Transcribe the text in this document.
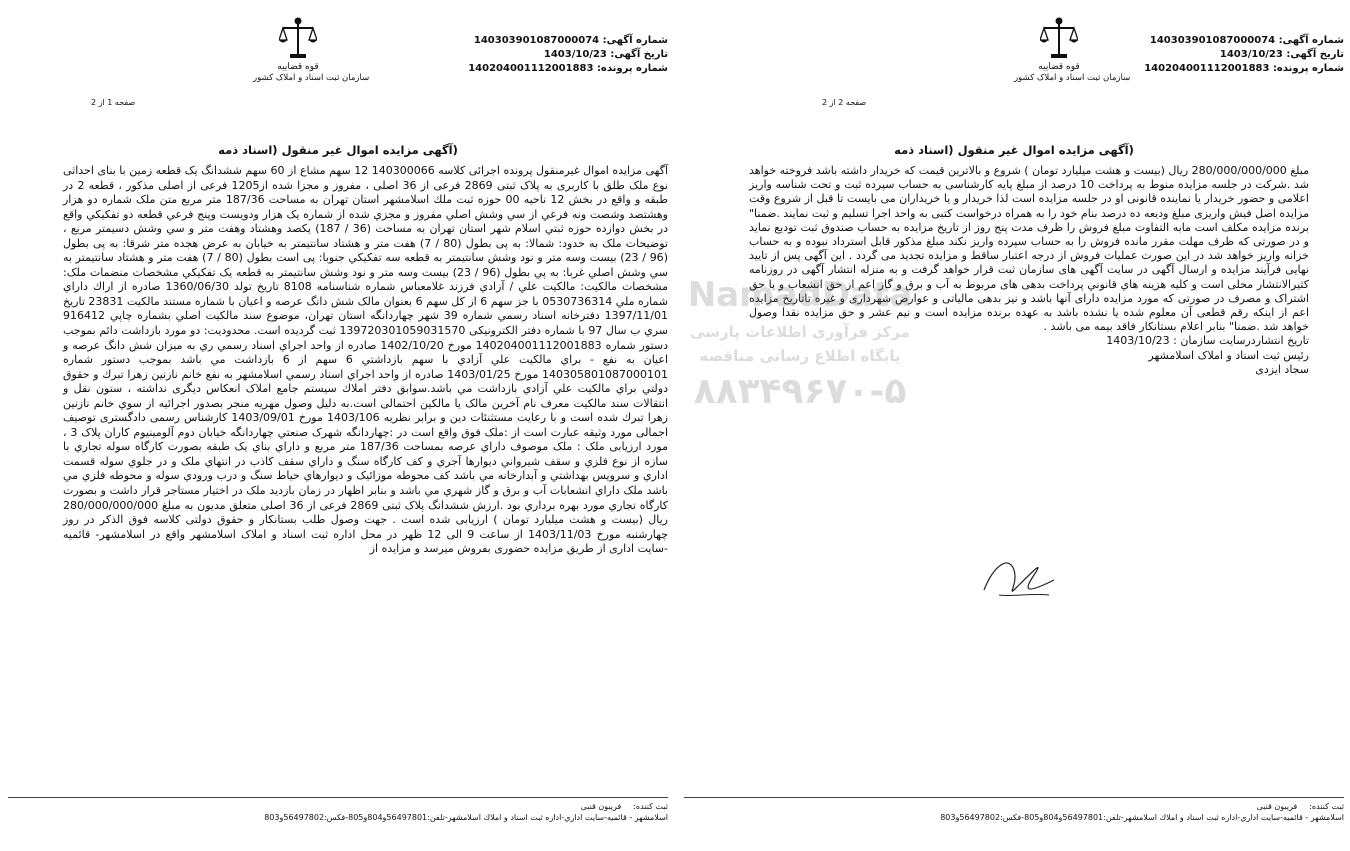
شماره آگهی: 140303901087000074
تاریخ آگهی: 1403/10/23
شماره پرونده: 140204001112001883
قوه قضاییه
سازمان ثبت اسناد و املاک کشور
صفحه 2 از 2
(آگهی مزایده اموال غیر منقول (اسناد ذمه

مبلغ 280/000/000/000 ریال (بیست و هشت میلیارد تومان ) شروع و بالاترین قیمت که خریدار داشته باشد فروخته خواهد شد .شرکت در جلسه مزایده منوط به پرداخت 10 درصد از مبلغ پایه کارشناسی به حساب سپرده ثبت و تحت شناسه واریز اعلامی و حضور خریدار یا نماینده قانونی او در جلسه مزایده است لذا خریدار و یا خریداران می بایست تا قبل از شروع وقت مزایده اصل فیش واریزی مبلغ ودیعه ده درصد بنام خود را به همراه درخواست کتبی به واحد اجرا تسلیم و ثبت نمایند .ضمنا" برنده مزایده مکلف است مابه التفاوت مبلغ فروش را ظرف مدت پنج روز از تاریخ مزایده به حساب صندوق ثبت تودیع نماید و در صورتی که ظرف مهلت مقرر مانده فروش را به حساب سپرده واریز نکند مبلغ مذکور قابل استرداد نبوده و به حساب خزانه واریز خواهد شد در این صورت عملیات فروش از درجه اعتبار ساقط و مزایده تجدید می گردد . این آگهی پس از تایید نهایی فرآیند مزایده و ارسال آگهی در سایت آگهی های سازمان ثبت قرار خواهد گرفت و به منزله انتشار آگهی در روزنامه کثیرالانتشار محلی است و کلیه هزینه هاي قانوني پرداخت بدهی های مربوط به آب و برق و گاز اعم از حق انشعاب و یا حق اشتراک و مصرف در صورتی که مورد مزایده دارای آنها باشد و نیز بدهی مالیاتی و عوارض شهرداری و غیره تاتاریخ مزایده اعم از اینکه رقم قطعی آن معلوم شده یا نشده باشد به عهده برنده مزایده است و نیم عشر و حق مزایده نقدا وصول خواهد شد .ضمنا" بنابر اعلام بستانکار فاقد بیمه می باشد .

تاریخ انتشاردرسایت سازمان : 1403/10/23

رئیس ثبت اسناد و املاک اسلامشهر

سجاد ایزدی

ثبت کننده:فریبون قنبی
اسلامشهر - قائمیه-سایت اداري-اداره ثبت اسناد و املاك اسلامشهر-تلفن:56497801و804و805-فكس:56497802و803
شماره آگهی: 140303901087000074
تاریخ آگهی: 1403/10/23
شماره پرونده: 140204001112001883
قوه قضاییه
سازمان ثبت اسناد و املاک کشور
صفحه 1 از 2
(آگهی مزایده اموال غیر منقول (اسناد ذمه

آگهی مزایده اموال غیرمنقول پرونده اجرائی کلاسه 140300066 12 سهم مشاع از 60 سهم ششدانگ یک قطعه زمین با بنای احداثی نوع ملک طلق با کاربری به پلاک ثبتی 2869 فرعی از 36 اصلی ، مفروز و مجزا شده از1205 فرعی از اصلی مذکور ، قطعه 2 در طبقه و واقع در بخش 12 ناحیه 00 حوزه ثبت ملك اسلامشهر استان تهران به مساحت 187/36 متر مربع متن ملک شماره دو هزار وهشتصد وشصت ونه فرعي از سي وشش اصلي مفروز و مجزي شده از شماره یک هزار ودویست وپنج فرعي قطعه دو تفکیکي واقع در بخش دوازده حوزه ثبتي اسلام شهر استان تهران به مساحت (36 / 187) یکصد وهشتاد وهفت متر و سي وشش دسیمتر مربع ، توضیحات ملک به حدود: شمالا: به پی بطول (80 / 7) هفت متر و هشتاد سانتیمتر به خیابان به عرض هجده متر شرقا: به پی بطول (96 / 23) بیست وسه متر و نود وشش سانتیمتر به قطعه سه تفکیکي جنوبا: پی است بطول (80 / 7) هفت متر و هشتاد سانتیمتر به سي وشش اصلي غربا: به پي بطول (96 / 23) بیست وسه متر و نود وشش سانتیمتر به قطعه یک تفکیکي مشخصات منضمات ملک: مشخصات مالکیت: مالکیت علي / آزادي فرزند غلامعباس شماره شناسنامه 8108 تاریخ تولد 1360/06/30 صادره از اراك داراي شماره ملي 0530736314 با جز سهم 6 از کل سهم 6 بعنوان مالک شش دانگ عرصه و اعیان با شماره مستند مالکیت 23831 تاریخ 1397/11/01 دفترخانه اسناد رسمي شماره 39 شهر چهاردانگه استان تهران، موضوع سند مالکیت اصلي بشماره چاپي 916412 سري ب سال 97 با شماره دفتر الکترونیکی 139720301059031570 ثبت گردیده است. محدودیت: دو مورد بازداشت دائم بموجب دستور شماره 140204001112001883 مورخ 1402/10/20 صادره از واحد اجراي اسناد رسمي ري به میزان شش دانگ عرصه و اعیان به نفع - براي مالکیت علي آزادي با سهم بازداشتي 6 سهم از 6 بازداشت مي باشد بموجب دستور شماره 140305801087000101 مورخ 1403/01/25 صادره از واحد اجراي اسناد رسمي اسلامشهر به نفع خانم نازنین زهرا تبرك و حقوق دولتي براي مالکیت علي آزادي بازداشت مي باشد.سوابق دفتر املاك سیستم جامع املاک انعکاس دیگری نداشته ، ستون نقل و انتقالات سند مالکیت معرف نام آخرین مالک یا مالکین احتمالی است.به دلیل وصول مهریه منجر بصدور اجرائیه از سوي خانم نازنین زهرا تبرك شده است و با رعایت مستثنئات دین و برابر نظریه 1403/106 مورخ 1403/09/01 کارشناس رسمی دادگستری توصیف اجمالی مورد وثیقه عبارت است از :ملک فوق واقع است در :چهاردانگه شهرک صنعتي چهاردانگه خیابان دوم آلومینیوم کاران پلاک 3 ، مورد ارزیابی ملک : ملک موصوف داراي عرصه بمساحت 187/36 متر مربع و داراي بناي یک طبقه بصورت کارگاه سوله تجاري با سازه از نوع فلزي و سقف شیرواني دیوارها آجري و کف کارگاه سنگ و داراي سقف کاذب در انتهاي ملک و در جلوي سوله قسمت اداري و سرویس بهداشتي و آبدارخانه مي باشد کف محوطه موزائیک و دیوارهاي حیاط سنگ و درب ورودي سوله و محوطه فلزي مي باشد ملک داراي انشعابات آب و برق و گاز شهري مي باشد و بنابر اظهار در زمان بازدید ملک در اختیار مستاجر قرار داشت و بصورت کارگاه تجاري مورد بهره برداري بود .ارزش ششدانگ پلاک ثبتی 2869 فرعی از 36 اصلی متعلق مدیون به مبلغ 280/000/000/000 ریال (بیست و هشت میلیارد تومان ) ارزیابی شده است . جهت وصول طلب بستانکار و حقوق دولتی کلاسه فوق الذکر در روز چهارشنبه مورخ 1403/11/03 از ساعت 9 الی 12 ظهر در محل اداره ثبت اسناد و املاک اسلامشهر واقع در اسلامشهر- قائمیه -سایت اداری از طریق مزایده حضوری بفروش میرسد و مزایده از

ثبت کننده:فریبون قنبی
اسلامشهر - قائمیه-سایت اداري-اداره ثبت اسناد و املاك اسلامشهر-تلفن:56497801و804و805-فكس:56497802و803
NamadData
مرکز فرآوری اطلاعات پارسی
پایگاه اطلاع رسانی مناقصه
۸۸۳۴۹۶۷۰-۵
